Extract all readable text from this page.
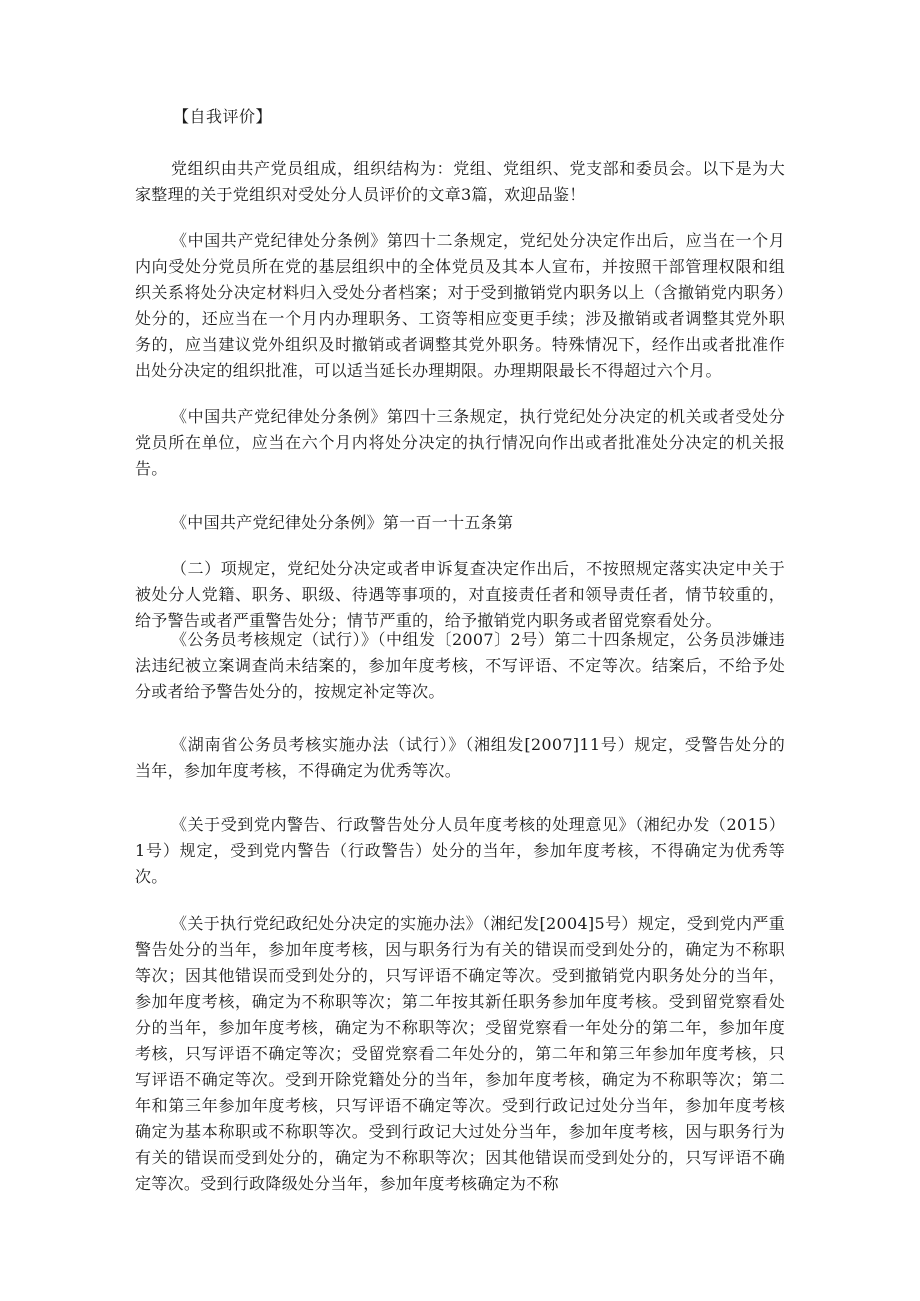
【自我评价】

党组织由共产党员组成，组织结构为：党组、党组织、党支部和委员会。以下是为大家整理的关于党组织对受处分人员评价的文章3篇，欢迎品鉴！

《中国共产党纪律处分条例》第四十二条规定，党纪处分决定作出后，应当在一个月内向受处分党员所在党的基层组织中的全体党员及其本人宣布，并按照干部管理权限和组织关系将处分决定材料归入受处分者档案；对于受到撤销党内职务以上（含撤销党内职务）处分的，还应当在一个月内办理职务、工资等相应变更手续；涉及撤销或者调整其党外职务的，应当建议党外组织及时撤销或者调整其党外职务。特殊情况下，经作出或者批准作出处分决定的组织批准，可以适当延长办理期限。办理期限最长不得超过六个月。

《中国共产党纪律处分条例》第四十三条规定，执行党纪处分决定的机关或者受处分党员所在单位，应当在六个月内将处分决定的执行情况向作出或者批准处分决定的机关报告。

《中国共产党纪律处分条例》第一百一十五条第

（二）项规定，党纪处分决定或者申诉复查决定作出后，不按照规定落实决定中关于被处分人党籍、职务、职级、待遇等事项的，对直接责任者和领导责任者，情节较重的，给予警告或者严重警告处分；情节严重的，给予撤销党内职务或者留党察看处分。

《公务员考核规定（试行）》（中组发〔2007〕2号）第二十四条规定，公务员涉嫌违法违纪被立案调查尚未结案的，参加年度考核，不写评语、不定等次。结案后，不给予处分或者给予警告处分的，按规定补定等次。

《湖南省公务员考核实施办法（试行）》（湘组发[2007]11号）规定，受警告处分的当年，参加年度考核，不得确定为优秀等次。

《关于受到党内警告、行政警告处分人员年度考核的处理意见》（湘纪办发（2015）1号）规定，受到党内警告（行政警告）处分的当年，参加年度考核，不得确定为优秀等次。

《关于执行党纪政纪处分决定的实施办法》（湘纪发[2004]5号）规定，受到党内严重警告处分的当年，参加年度考核，因与职务行为有关的错误而受到处分的，确定为不称职等次；因其他错误而受到处分的，只写评语不确定等次。受到撤销党内职务处分的当年，参加年度考核，确定为不称职等次；第二年按其新任职务参加年度考核。受到留党察看处分的当年，参加年度考核，确定为不称职等次；受留党察看一年处分的第二年，参加年度考核，只写评语不确定等次；受留党察看二年处分的，第二年和第三年参加年度考核，只写评语不确定等次。受到开除党籍处分的当年，参加年度考核，确定为不称职等次；第二年和第三年参加年度考核，只写评语不确定等次。受到行政记过处分当年，参加年度考核确定为基本称职或不称职等次。受到行政记大过处分当年，参加年度考核，因与职务行为有关的错误而受到处分的，确定为不称职等次；因其他错误而受到处分的，只写评语不确定等次。受到行政降级处分当年，参加年度考核确定为不称
